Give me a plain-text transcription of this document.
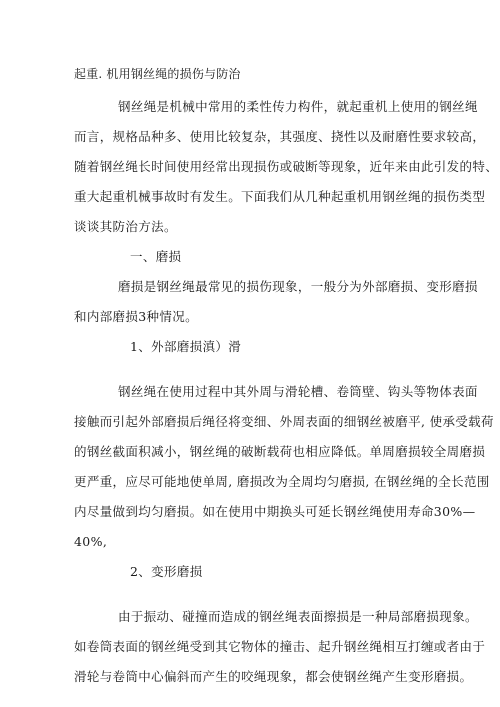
起重. 机用钢丝绳的损伤与防治
钢丝绳是机械中常用的柔性传力构件，就起重机上使用的钢丝绳
而言，规格品种多、使用比较复杂，其强度、挠性以及耐磨性要求较高，
随着钢丝绳长时间使用经常出现损伤或破断等现象，近年来由此引发的特、
重大起重机械事故时有发生。下面我们从几种起重机用钢丝绳的损伤类型
谈谈其防治方法。
一、磨损
磨损是钢丝绳最常见的损伤现象，一般分为外部磨损、变形磨损
和内部磨损3种情况。
1、外部磨损滇）滑
钢丝绳在使用过程中其外周与滑轮槽、卷筒壁、钩头等物体表面
接触而引起外部磨损后绳径将变细、外周表面的细钢丝被磨平, 使承受载荷
的钢丝截面积减小，钢丝绳的破断载荷也相应降低。单周磨损较全周磨损
更严重，应尽可能地使单周, 磨损改为全周均匀磨损, 在钢丝绳的全长范围
内尽量做到均匀磨损。如在使用中期换头可延长钢丝绳使用寿命30%—
40%,
2、变形磨损
由于振动、碰撞而造成的钢丝绳表面擦损是一种局部磨损现象。
如卷筒表面的钢丝绳受到其它物体的撞击、起升钢丝绳相互打缠或者由于
滑轮与卷筒中心偏斜而产生的咬绳现象，都会使钢丝绳产生变形磨损。
